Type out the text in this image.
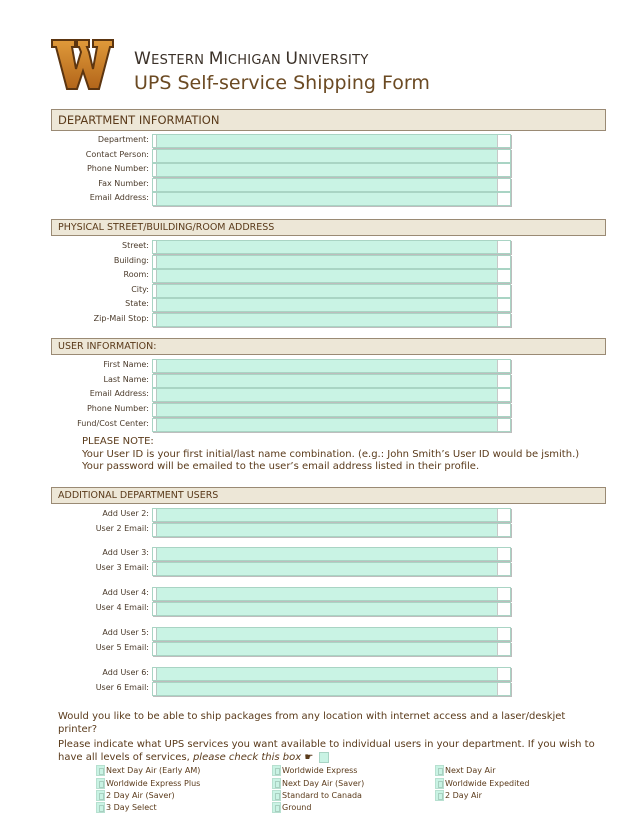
WESTERN MICHIGAN UNIVERSITY
UPS Self-service Shipping Form
DEPARTMENT INFORMATION
Department:
Contact Person:
Phone Number:
Fax Number:
Email Address:
PHYSICAL STREET/BUILDING/ROOM ADDRESS
Street:
Building:
Room:
City:
State:
Zip-Mail Stop:
USER INFORMATION:
First Name:
Last Name:
Email Address:
Phone Number:
Fund/Cost Center:
PLEASE NOTE:
Your User ID is your first initial/last name combination. (e.g.: John Smith’s User ID would be jsmith.)
Your password will be emailed to the user’s email address listed in their profile.
ADDITIONAL DEPARTMENT USERS
Add User 2:
User 2 Email:
Add User 3:
User 3 Email:
Add User 4:
User 4 Email:
Add User 5:
User 5 Email:
Add User 6:
User 6 Email:
Would you like to be able to ship packages from any location with internet access and a laser/deskjet printer?
Please indicate what UPS services you want available to individual users in your department. If you wish to have all levels of services, please check this box ☛
Next Day Air (Early AM)
Worldwide Express Plus
2 Day Air (Saver)
3 Day Select
Worldwide Express
Next Day Air (Saver)
Standard to Canada
Ground
Next Day Air
Worldwide Expedited
2 Day Air
